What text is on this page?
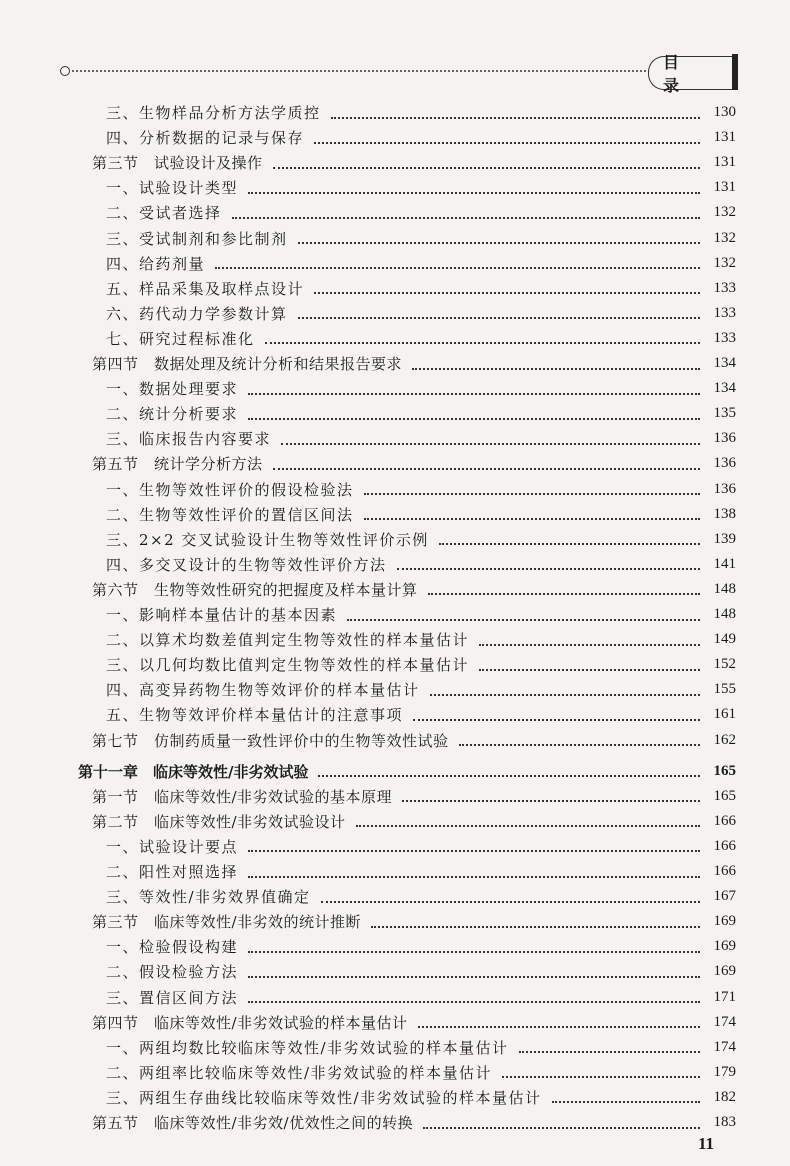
目 录
三、生物样品分析方法学质控	130
四、分析数据的记录与保存	131
第三节　试验设计及操作	131
一、试验设计类型	131
二、受试者选择	132
三、受试制剂和参比制剂	132
四、给药剂量	132
五、样品采集及取样点设计	133
六、药代动力学参数计算	133
七、研究过程标准化	133
第四节　数据处理及统计分析和结果报告要求	134
一、数据处理要求	134
二、统计分析要求	135
三、临床报告内容要求	136
第五节　统计学分析方法	136
一、生物等效性评价的假设检验法	136
二、生物等效性评价的置信区间法	138
三、2×2 交叉试验设计生物等效性评价示例	139
四、多交叉设计的生物等效性评价方法	141
第六节　生物等效性研究的把握度及样本量计算	148
一、影响样本量估计的基本因素	148
二、以算术均数差值判定生物等效性的样本量估计	149
三、以几何均数比值判定生物等效性的样本量估计	152
四、高变异药物生物等效评价的样本量估计	155
五、生物等效评价样本量估计的注意事项	161
第七节　仿制药质量一致性评价中的生物等效性试验	162
第十一章　临床等效性/非劣效试验	165
第一节　临床等效性/非劣效试验的基本原理	165
第二节　临床等效性/非劣效试验设计	166
一、试验设计要点	166
二、阳性对照选择	166
三、等效性/非劣效界值确定	167
第三节　临床等效性/非劣效的统计推断	169
一、检验假设构建	169
二、假设检验方法	169
三、置信区间方法	171
第四节　临床等效性/非劣效试验的样本量估计	174
一、两组均数比较临床等效性/非劣效试验的样本量估计	174
二、两组率比较临床等效性/非劣效试验的样本量估计	179
三、两组生存曲线比较临床等效性/非劣效试验的样本量估计	182
第五节　临床等效性/非劣效/优效性之间的转换	183
11
